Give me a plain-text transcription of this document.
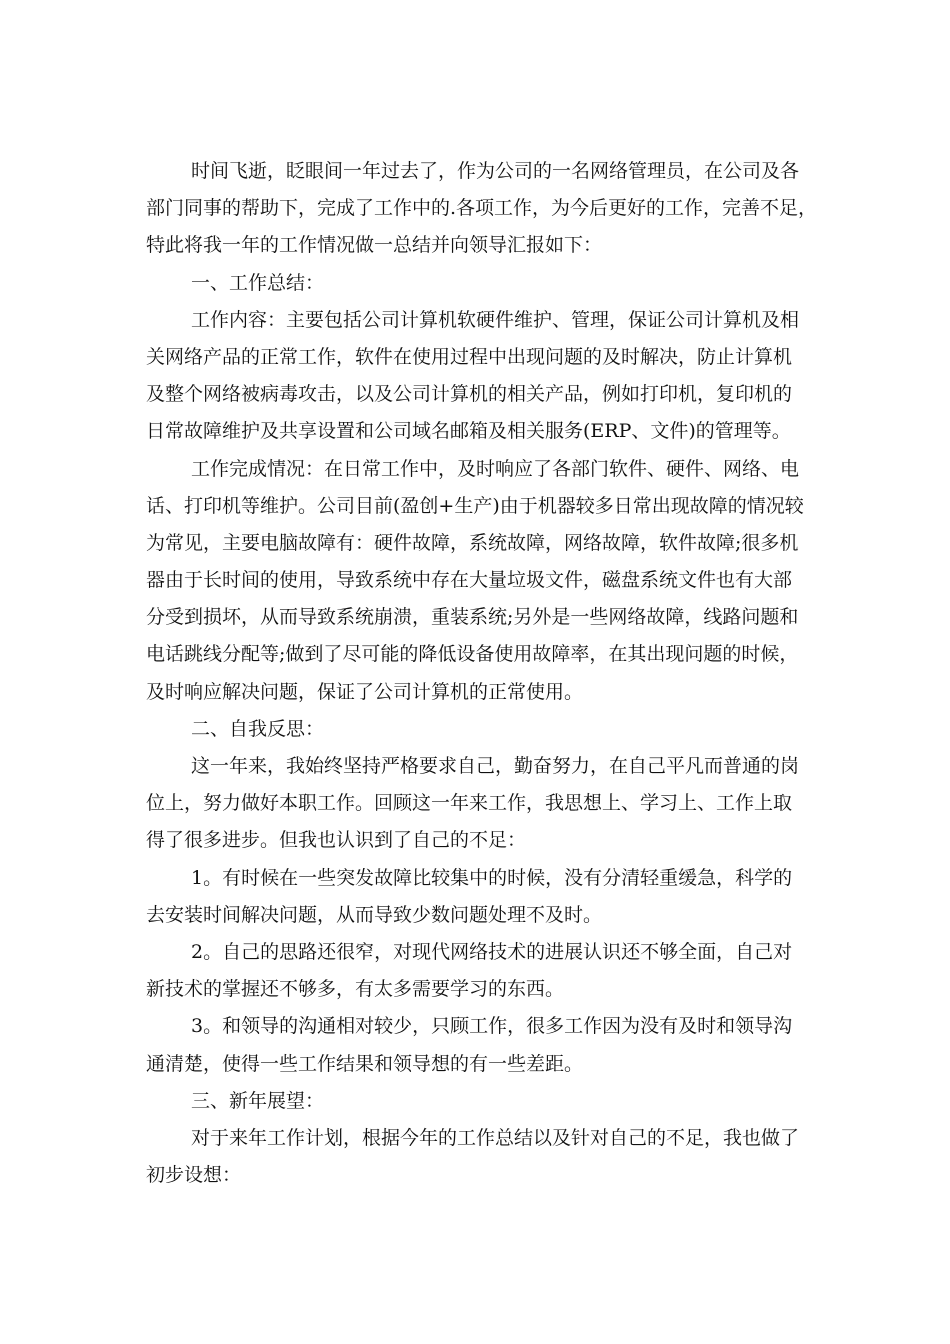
时间飞逝，眨眼间一年过去了，作为公司的一名网络管理员，在公司及各
部门同事的帮助下，完成了工作中的.各项工作，为今后更好的工作，完善不足，
特此将我一年的工作情况做一总结并向领导汇报如下：
一、工作总结：
工作内容：主要包括公司计算机软硬件维护、管理，保证公司计算机及相
关网络产品的正常工作，软件在使用过程中出现问题的及时解决，防止计算机
及整个网络被病毒攻击，以及公司计算机的相关产品，例如打印机，复印机的
日常故障维护及共享设置和公司域名邮箱及相关服务(ERP、文件)的管理等。
工作完成情况：在日常工作中，及时响应了各部门软件、硬件、网络、电
话、打印机等维护。公司目前(盈创+生产)由于机器较多日常出现故障的情况较
为常见，主要电脑故障有：硬件故障，系统故障，网络故障，软件故障;很多机
器由于长时间的使用，导致系统中存在大量垃圾文件，磁盘系统文件也有大部
分受到损坏，从而导致系统崩溃，重装系统;另外是一些网络故障，线路问题和
电话跳线分配等;做到了尽可能的降低设备使用故障率，在其出现问题的时候，
及时响应解决问题，保证了公司计算机的正常使用。
二、自我反思：
这一年来，我始终坚持严格要求自己，勤奋努力，在自己平凡而普通的岗
位上，努力做好本职工作。回顾这一年来工作，我思想上、学习上、工作上取
得了很多进步。但我也认识到了自己的不足：
1。有时候在一些突发故障比较集中的时候，没有分清轻重缓急，科学的
去安装时间解决问题，从而导致少数问题处理不及时。
2。自己的思路还很窄，对现代网络技术的进展认识还不够全面，自己对
新技术的掌握还不够多，有太多需要学习的东西。
3。和领导的沟通相对较少，只顾工作，很多工作因为没有及时和领导沟
通清楚，使得一些工作结果和领导想的有一些差距。
三、新年展望：
对于来年工作计划，根据今年的工作总结以及针对自己的不足，我也做了
初步设想：
